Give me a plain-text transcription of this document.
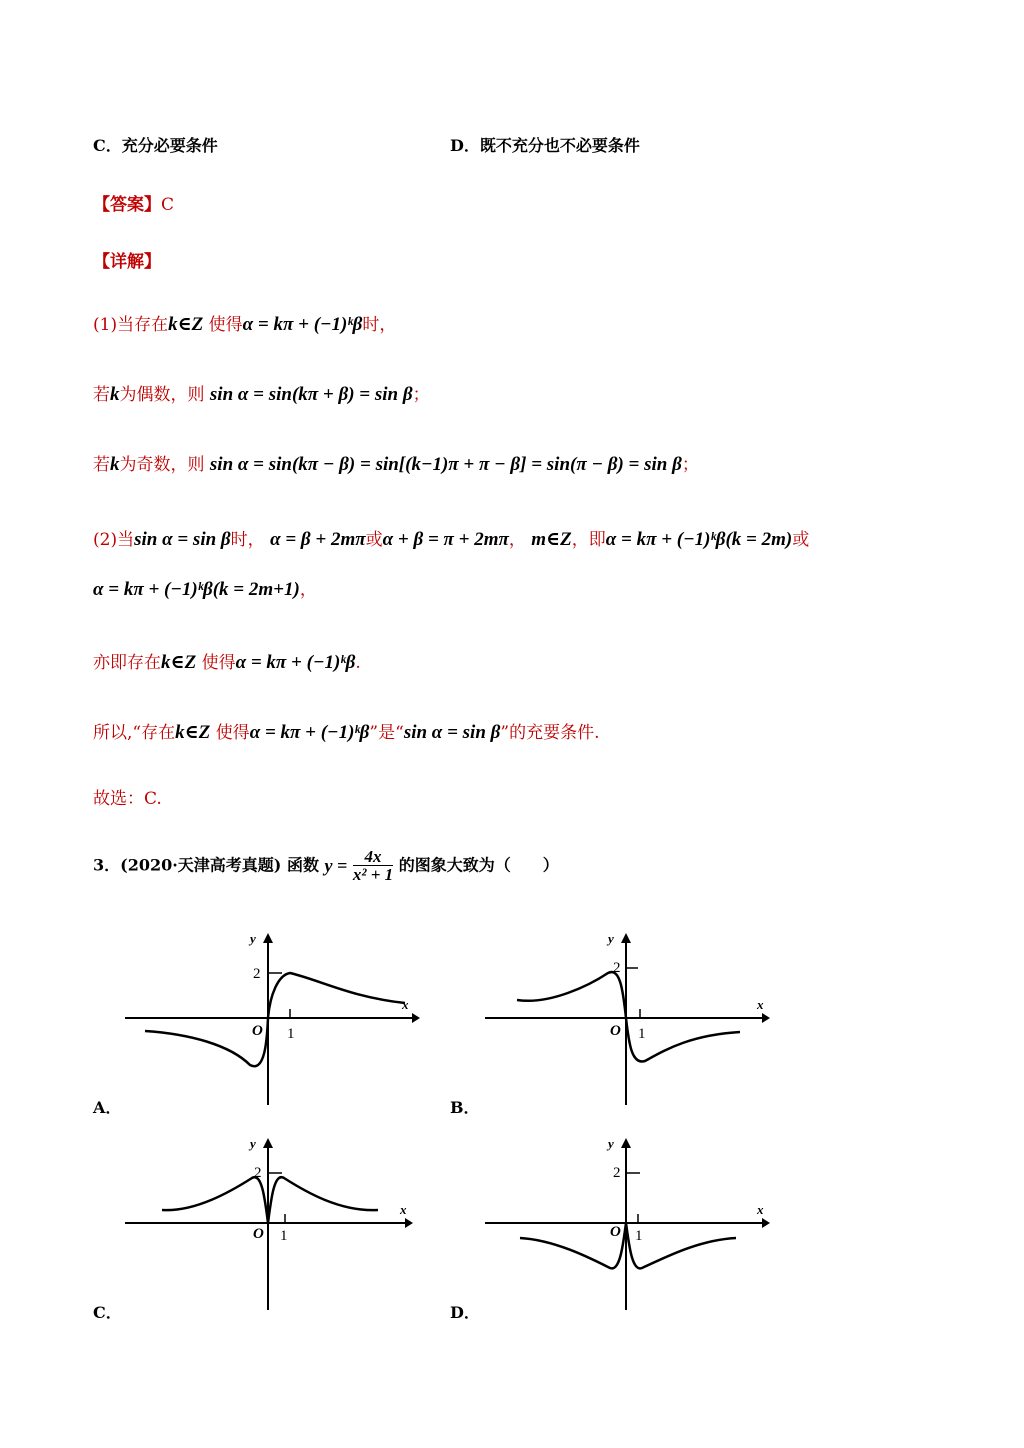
C．充分必要条件	D．既不充分也不必要条件
【答案】C
【详解】
(1)当存在k∈Z 使得α = kπ + (−1)ᵏβ时，
若k为偶数，则 sin α = sin(kπ + β) = sin β；
若k为奇数，则 sin α = sin(kπ − β) = sin[(k−1)π + π − β] = sin(π − β) = sin β；
(2)当sin α = sin β时， α = β + 2mπ或α + β = π + 2mπ， m∈Z，即α = kπ + (−1)ᵏβ(k = 2m)或
α = kπ + (−1)ᵏβ(k = 2m+1)，
亦即存在k∈Z 使得α = kπ + (−1)ᵏβ.
所以,“存在k∈Z 使得α = kπ + (−1)ᵏβ”是“sin α = sin β”的充要条件.
故选：C.
3．(2020·天津高考真题) 函数 $y = \frac{4x}{\text{x² + 1}}$ 的图象大致为（　　）
y
x
O 1
2
A．
y
x
O 1
2
B．
y
x
O 1
2
C．
y
x
O 1
2
D．
